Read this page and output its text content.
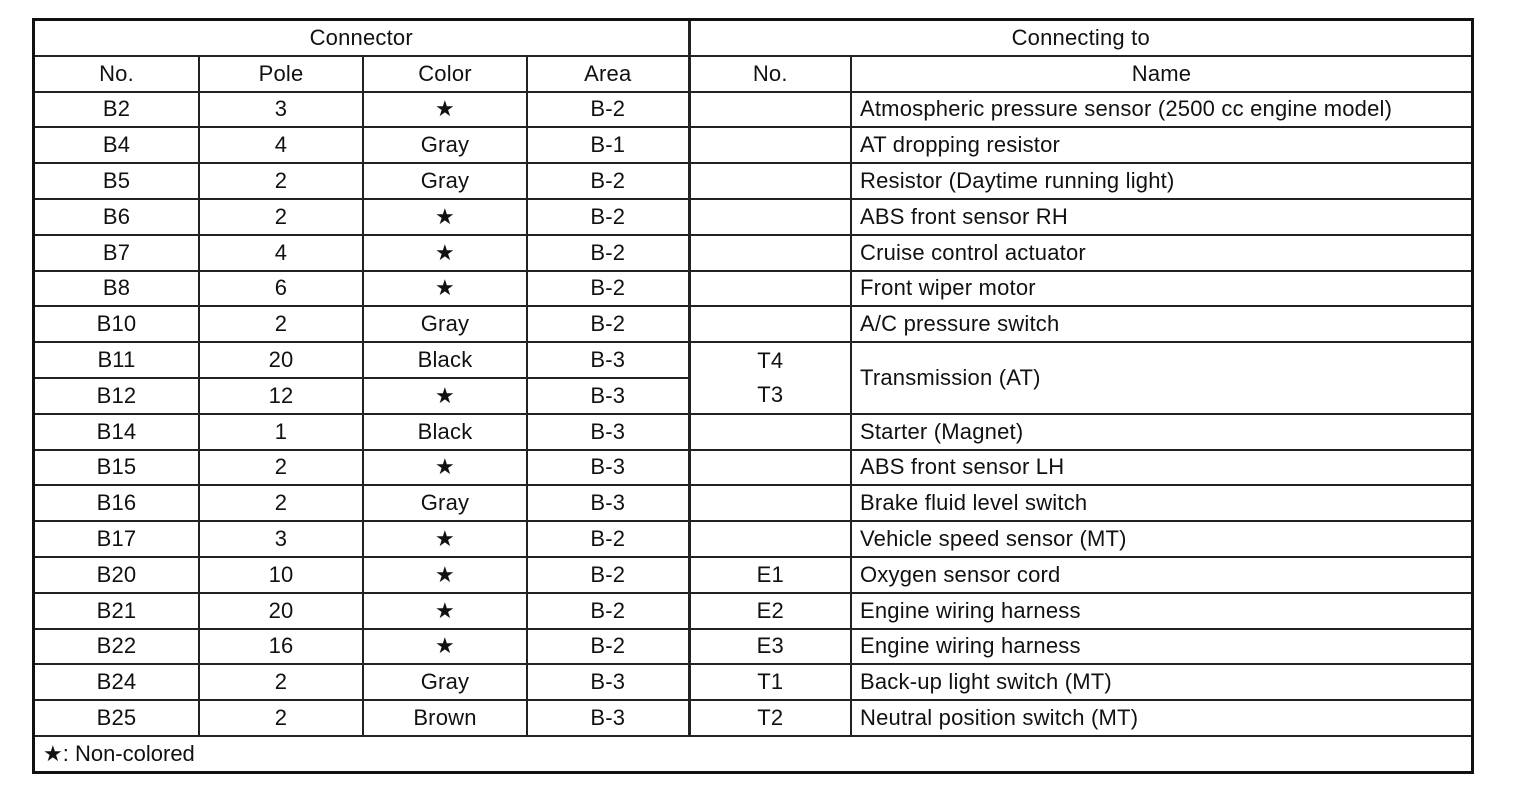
Connector				Connecting to	
No.	Pole	Color	Area	No.	Name
B2	3	★	B-2		Atmospheric pressure sensor (2500 cc engine model)
B4	4	Gray	B-1		AT dropping resistor
B5	2	Gray	B-2		Resistor (Daytime running light)
B6	2	★	B-2		ABS front sensor RH
B7	4	★	B-2		Cruise control actuator
B8	6	★	B-2		Front wiper motor
B10	2	Gray	B-2		A/C pressure switch
B11	20	Black	B-3	T4	Transmission (AT)
B12	12	★	B-3	T3	
B14	1	Black	B-3		Starter (Magnet)
B15	2	★	B-3		ABS front sensor LH
B16	2	Gray	B-3		Brake fluid level switch
B17	3	★	B-2		Vehicle speed sensor (MT)
B20	10	★	B-2	E1	Oxygen sensor cord
B21	20	★	B-2	E2	Engine wiring harness
B22	16	★	B-2	E3	Engine wiring harness
B24	2	Gray	B-3	T1	Back-up light switch (MT)
B25	2	Brown	B-3	T2	Neutral position switch (MT)
★: Non-colored
